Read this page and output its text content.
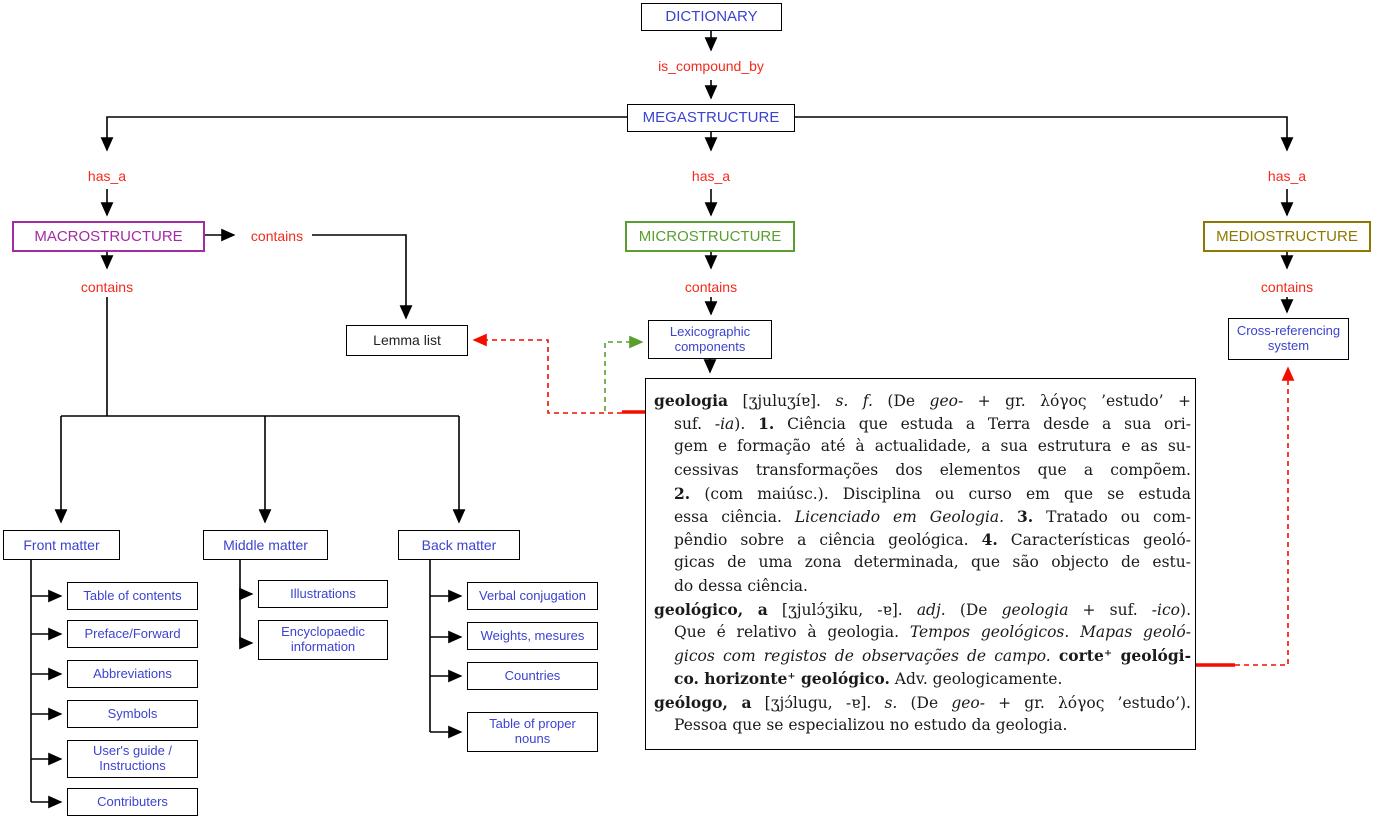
DICTIONARY
MEGASTRUCTURE
MACROSTRUCTURE	MICROSTRUCTURE	MEDIOSTRUCTURE
Lemma list
Lexicographic components
Cross-referencing system
Front matter	Middle matter	Back matter
is_compound_by
has_a	has_a	has_a
contains
contains
contains	contains
Table of contents
Preface/Forward
Abbreviations
Symbols
User's guide / Instructions
Contributers
Illustrations
Encyclopaedic information
Verbal conjugation
Weights, mesures
Countries
Table of proper nouns
geologia [ʒjuluʒíɐ]. s. f. (De geo- + gr. λόγος ’estudo’ +
suf. -ia). 1. Ciência que estuda a Terra desde a sua ori-
gem e formação até à actualidade, a sua estrutura e as su-
cessivas transformações dos elementos que a compõem.
2. (com maiúsc.). Disciplina ou curso em que se estuda
essa ciência. Licenciado em Geologia. 3. Tratado ou com-
pêndio sobre a ciência geológica. 4. Características geoló-
gicas de uma zona determinada, que são objecto de estu-
do dessa ciência.
geológico, a [ʒjulɔ́ʒiku, -ɐ]. adj. (De geologia + suf. -ico).
Que é relativo à geologia. Tempos geológicos. Mapas geoló-
gicos com registos de observações de campo. corte⁺ geológi-
co. horizonte⁺ geológico. Adv. geologicamente.
geólogo, a [ʒjɔ́lugu, -ɐ]. s. (De geo- + gr. λόγος ’estudo’).
Pessoa que se especializou no estudo da geologia.
